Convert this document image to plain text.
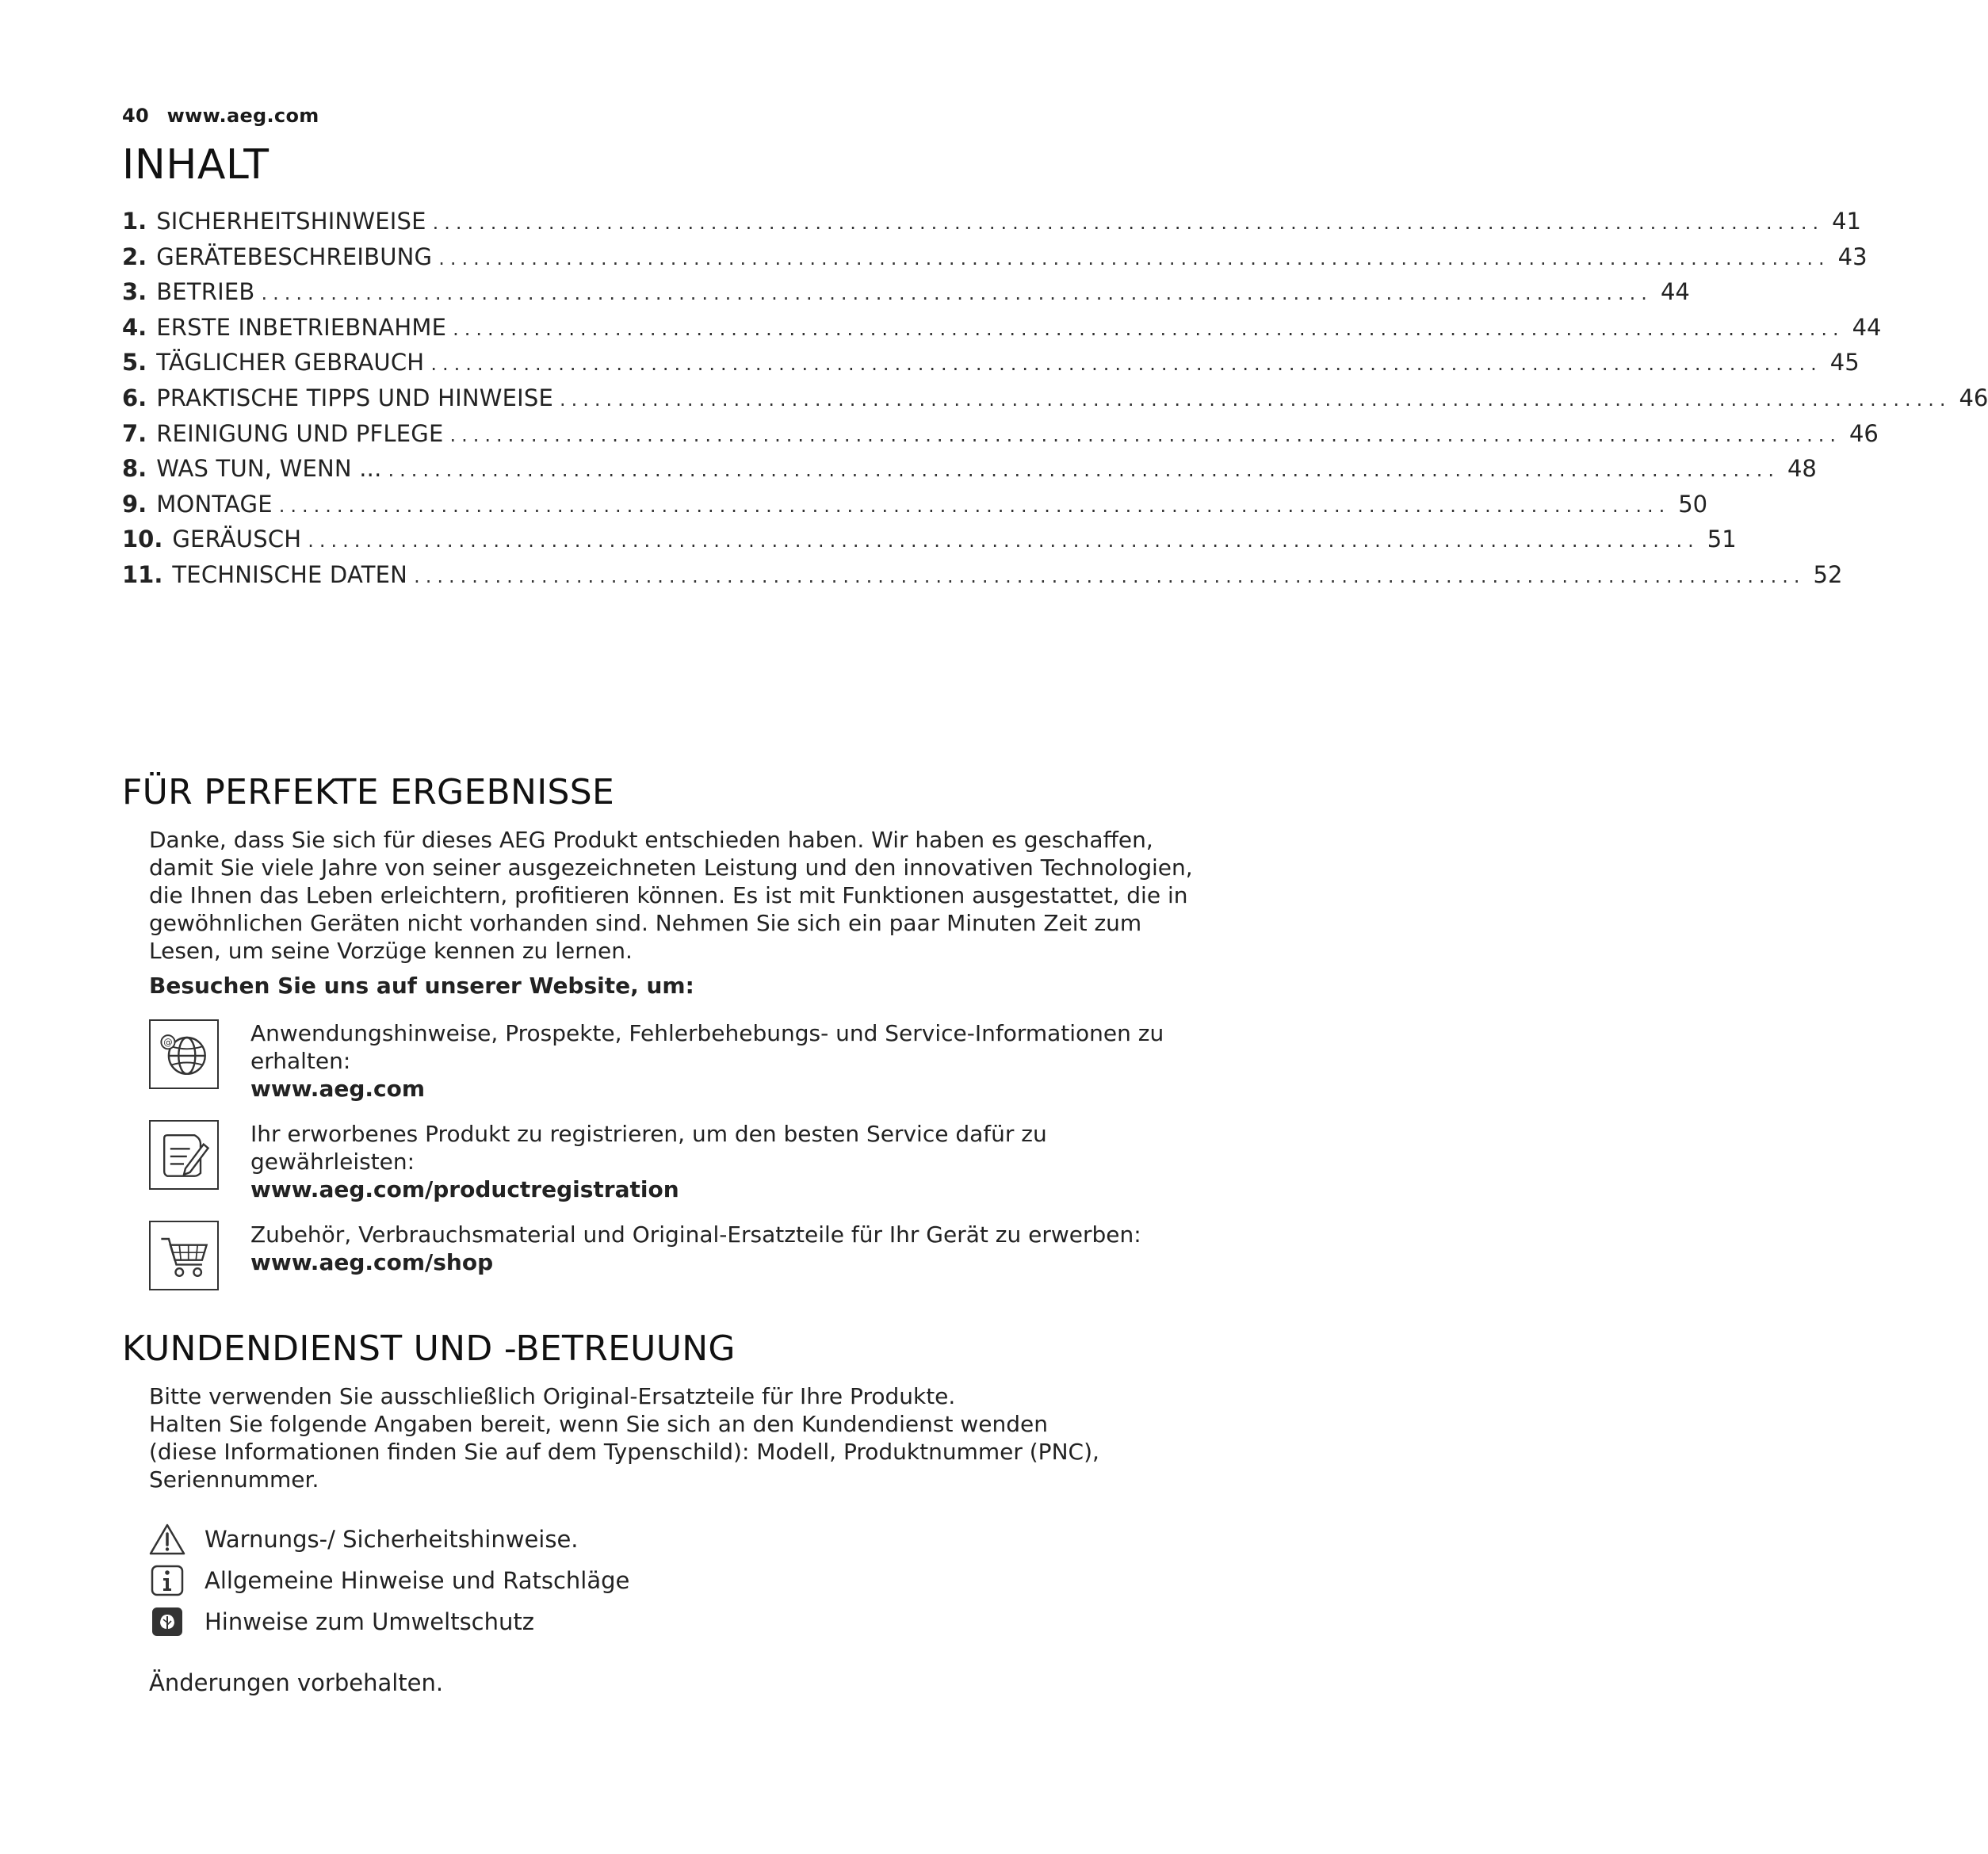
40 www.aeg.com
INHALT
1. SICHERHEITSHINWEISE ........................................................................................................................ 41
2. GERÄTEBESCHREIBUNG ........................................................................................................................ 43
3. BETRIEB ........................................................................................................................ 44
4. ERSTE INBETRIEBNAHME ........................................................................................................................ 44
5. TÄGLICHER GEBRAUCH ........................................................................................................................ 45
6. PRAKTISCHE TIPPS UND HINWEISE ........................................................................................................................ 46
7. REINIGUNG UND PFLEGE ........................................................................................................................ 46
8. WAS TUN, WENN ... ........................................................................................................................ 48
9. MONTAGE ........................................................................................................................ 50
10. GERÄUSCH ........................................................................................................................ 51
11. TECHNISCHE DATEN ........................................................................................................................ 52
FÜR PERFEKTE ERGEBNISSE
Danke, dass Sie sich für dieses AEG Produkt entschieden haben. Wir haben es geschaffen,
damit Sie viele Jahre von seiner ausgezeichneten Leistung und den innovativen Technologien,
die Ihnen das Leben erleichtern, profitieren können. Es ist mit Funktionen ausgestattet, die in
gewöhnlichen Geräten nicht vorhanden sind. Nehmen Sie sich ein paar Minuten Zeit zum
Lesen, um seine Vorzüge kennen zu lernen.
Besuchen Sie uns auf unserer Website, um:
@	Anwendungshinweise, Prospekte, Fehlerbehebungs- und Service-Informationen zu
erhalten:
www.aeg.com
Ihr erworbenes Produkt zu registrieren, um den besten Service dafür zu
gewährleisten:
www.aeg.com/productregistration
Zubehör, Verbrauchsmaterial und Original-Ersatzteile für Ihr Gerät zu erwerben:
www.aeg.com/shop
KUNDENDIENST UND -BETREUUNG
Bitte verwenden Sie ausschließlich Original-Ersatzteile für Ihre Produkte.
Halten Sie folgende Angaben bereit, wenn Sie sich an den Kundendienst wenden
(diese Informationen finden Sie auf dem Typenschild): Modell, Produktnummer (PNC),
Seriennummer.
Warnungs-/ Sicherheitshinweise.
Allgemeine Hinweise und Ratschläge
Hinweise zum Umweltschutz
Änderungen vorbehalten.
